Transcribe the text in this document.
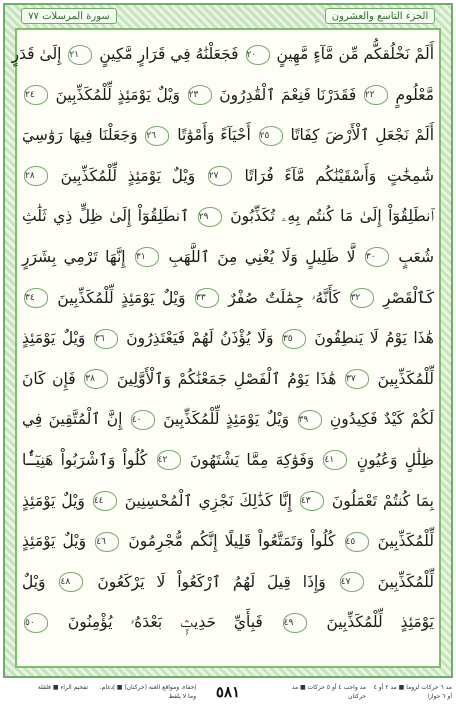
سورة المرسلات ٧٧	الجزء التاسع والعشرون
أَلَمْ نَخْلُقكُّم مِّن مَّآءٍ مَّهِينٍ ٢٠ فَجَعَلْنَٰهُ فِي قَرَارٍ مَّكِينٍ ٢١ إِلَىٰ قَدَرٍ
مَّعْلُومٍ ٢٢ فَقَدَرْنَا فَنِعْمَ ٱلْقَٰدِرُونَ ٢٣ وَيْلٌ يَوْمَئِذٍ لِّلْمُكَذِّبِينَ ٢٤
أَلَمْ نَجْعَلِ ٱلْأَرْضَ كِفَاتًا ٢٥ أَحْيَآءً وَأَمْوَٰتًا ٢٦ وَجَعَلْنَا فِيهَا رَوَٰسِيَ
شَٰمِخَٰتٍ وَأَسْقَيْنَٰكُم مَّآءً فُرَاتًا ٢٧ وَيْلٌ يَوْمَئِذٍ لِّلْمُكَذِّبِينَ ٢٨
ٱنطَلِقُوٓاْ إِلَىٰ مَا كُنتُم بِهِۦ تُكَذِّبُونَ ٢٩ ٱنطَلِقُوٓاْ إِلَىٰ ظِلٍّ ذِي ثَلَٰثِ
شُعَبٍ ٣٠ لَّا ظَلِيلٍ وَلَا يُغْنِي مِنَ ٱللَّهَبِ ٣١ إِنَّهَا تَرْمِي بِشَرَرٍ
كَٱلْقَصْرِ ٣٢ كَأَنَّهُۥ جِمَٰلَتٌ صُفْرٌ ٣٣ وَيْلٌ يَوْمَئِذٍ لِّلْمُكَذِّبِينَ ٣٤
هَٰذَا يَوْمُ لَا يَنطِقُونَ ٣٥ وَلَا يُؤْذَنُ لَهُمْ فَيَعْتَذِرُونَ ٣٦ وَيْلٌ يَوْمَئِذٍ
لِّلْمُكَذِّبِينَ ٣٧ هَٰذَا يَوْمُ ٱلْفَصْلِ جَمَعْنَٰكُمْ وَٱلْأَوَّلِينَ ٣٨ فَإِن كَانَ
لَكُمْ كَيْدٌ فَكِيدُونِ ٣٩ وَيْلٌ يَوْمَئِذٍ لِّلْمُكَذِّبِينَ ٤٠ إِنَّ ٱلْمُتَّقِينَ فِي
ظِلَٰلٍ وَعُيُونٍ ٤١ وَفَوَٰكِهَ مِمَّا يَشْتَهُونَ ٤٢ كُلُواْ وَٱشْرَبُواْ هَنِيٓـَٔۢا
بِمَا كُنتُمْ تَعْمَلُونَ ٤٣ إِنَّا كَذَٰلِكَ نَجْزِي ٱلْمُحْسِنِينَ ٤٤ وَيْلٌ يَوْمَئِذٍ
لِّلْمُكَذِّبِينَ ٤٥ كُلُواْ وَتَمَتَّعُواْ قَلِيلًا إِنَّكُم مُّجْرِمُونَ ٤٦ وَيْلٌ يَوْمَئِذٍ
لِّلْمُكَذِّبِينَ ٤٧ وَإِذَا قِيلَ لَهُمُ ٱرْكَعُواْ لَا يَرْكَعُونَ ٤٨ وَيْلٌ
يَوْمَئِذٍ لِّلْمُكَذِّبِينَ ٤٩ فَبِأَيِّ حَدِيثٍۭ بَعْدَهُۥ يُؤْمِنُونَ ٥٠
مد ٦ حركات لزوما ■ مد ٢ أو ٤ أو ٦ جوازا
مد واجب ٤ أو ٥ حركات ■ مد حركتان
٥٨١
إخفاء، ومواقع الغنة (حركتان) ■ إدغام، وما لا يلفظ
تفخيم الراء ■ قلقلة
